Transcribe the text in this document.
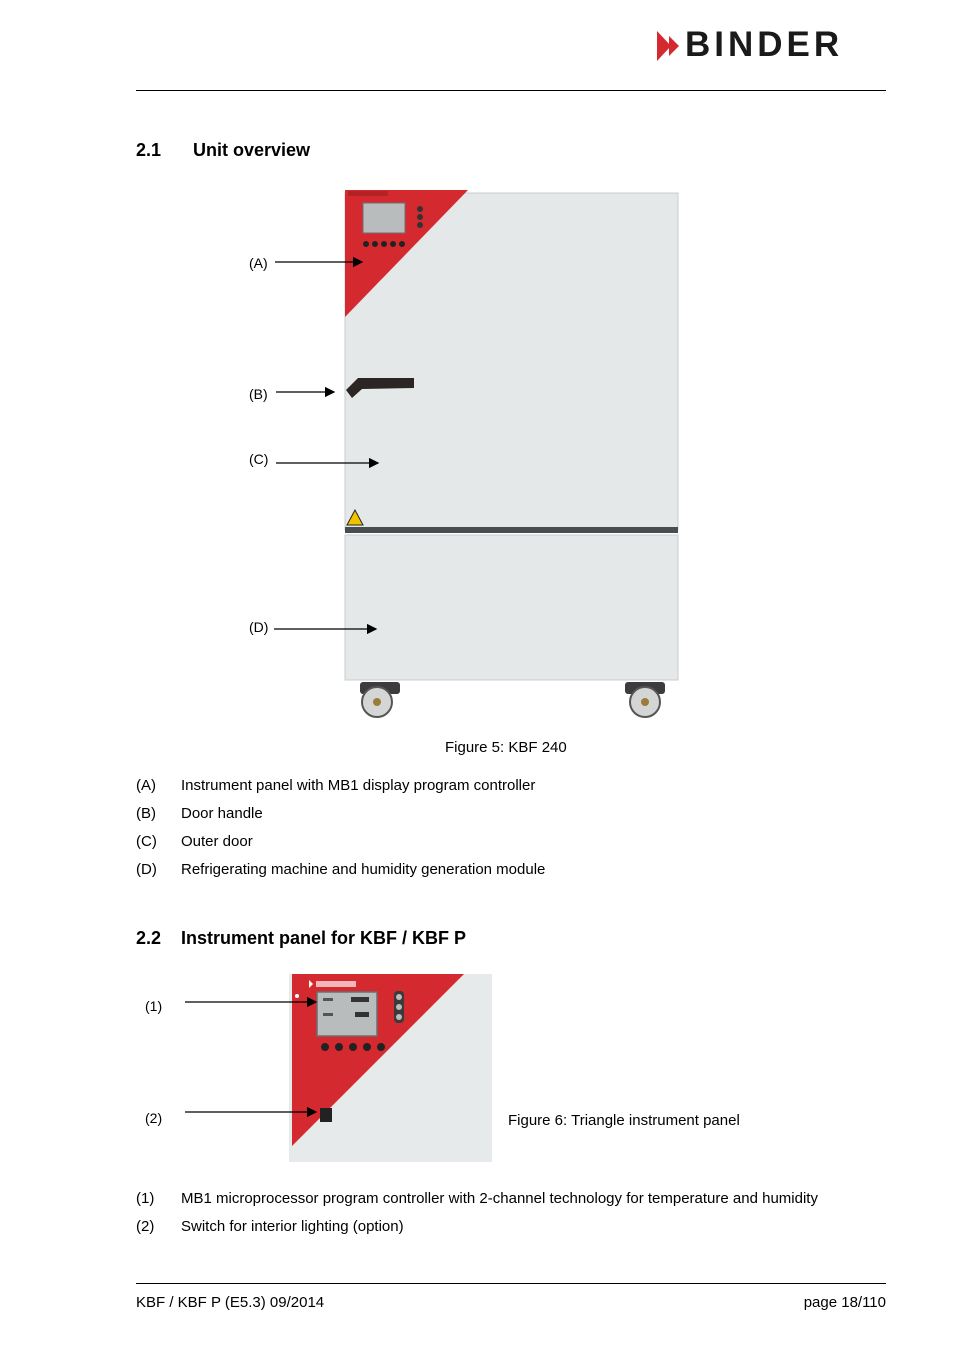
BINDER
2.1 Unit overview
(A)
(B)
(C)
(D)
Figure 5: KBF 240
(A) Instrument panel with MB1 display program controller
(B) Door handle
(C) Outer door
(D) Refrigerating machine and humidity generation module
2.2 Instrument panel for KBF / KBF P
(1)
(2)	Figure 6: Triangle instrument panel
(1) MB1 microprocessor program controller with 2-channel technology for temperature and humidity
(2) Switch for interior lighting (option)
KBF / KBF P (E5.3) 09/2014	page 18/110
